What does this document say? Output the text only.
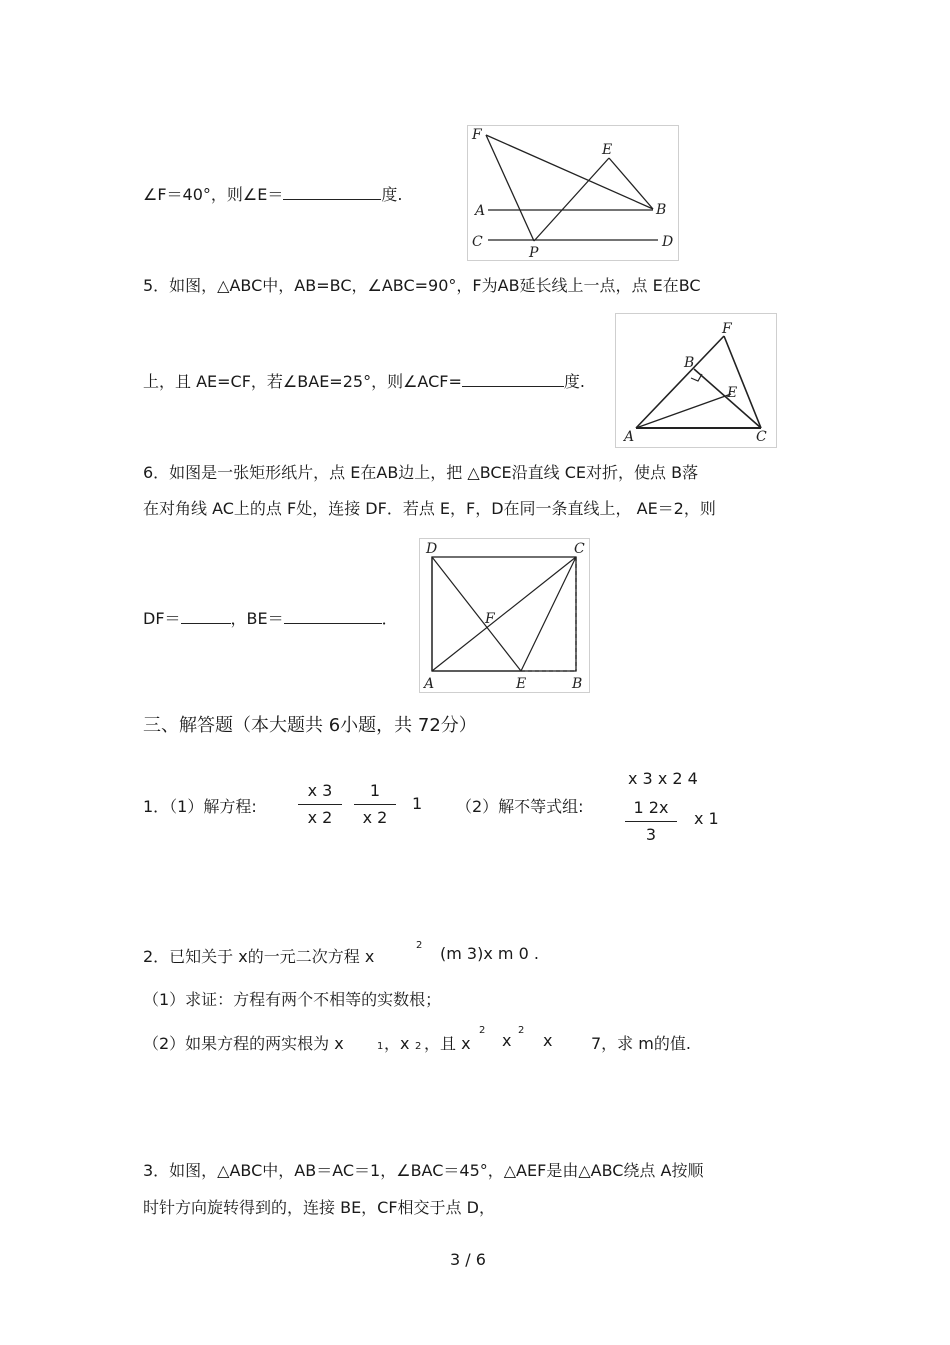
∠F＝40°，则∠E＝	度.
F
E
A	B
C
P
D
5．如图，△ABC中，AB=BC，∠ABC=90°，F为AB延长线上一点，点 E在BC
上，且 AE=CF，若∠BAE=25°，则∠ACF=	度.
F
B
E
A	C
6．如图是一张矩形纸片，点 E在AB边上，把 △BCE沿直线 CE对折，使点 B落
在对角线 AC上的点 F处，连接 DF．若点 E，F，D在同一条直线上， AE＝2，则
DF＝	，BE＝	．
D	C
F
A	E	B
三、解答题（本大题共 6小题，共 72分）
1．（1）解方程:
x 3
x 2
1
x 2
1 （2）解不等式组:
x 3 x 2 4
1 2x
3
x 1
2．已知关于 x的一元二次方程 x
2 (m 3)x m 0 .
（1）求证：方程有两个不相等的实数根；
（2）如果方程的两实根为 x	1 ，x 2 ，且 x
2
x
2
x 7，求 m的值.
3．如图，△ABC中，AB＝AC＝1，∠BAC＝45°，△AEF是由△ABC绕点 A按顺
时针方向旋转得到的，连接 BE，CF相交于点 D，
3 / 6
